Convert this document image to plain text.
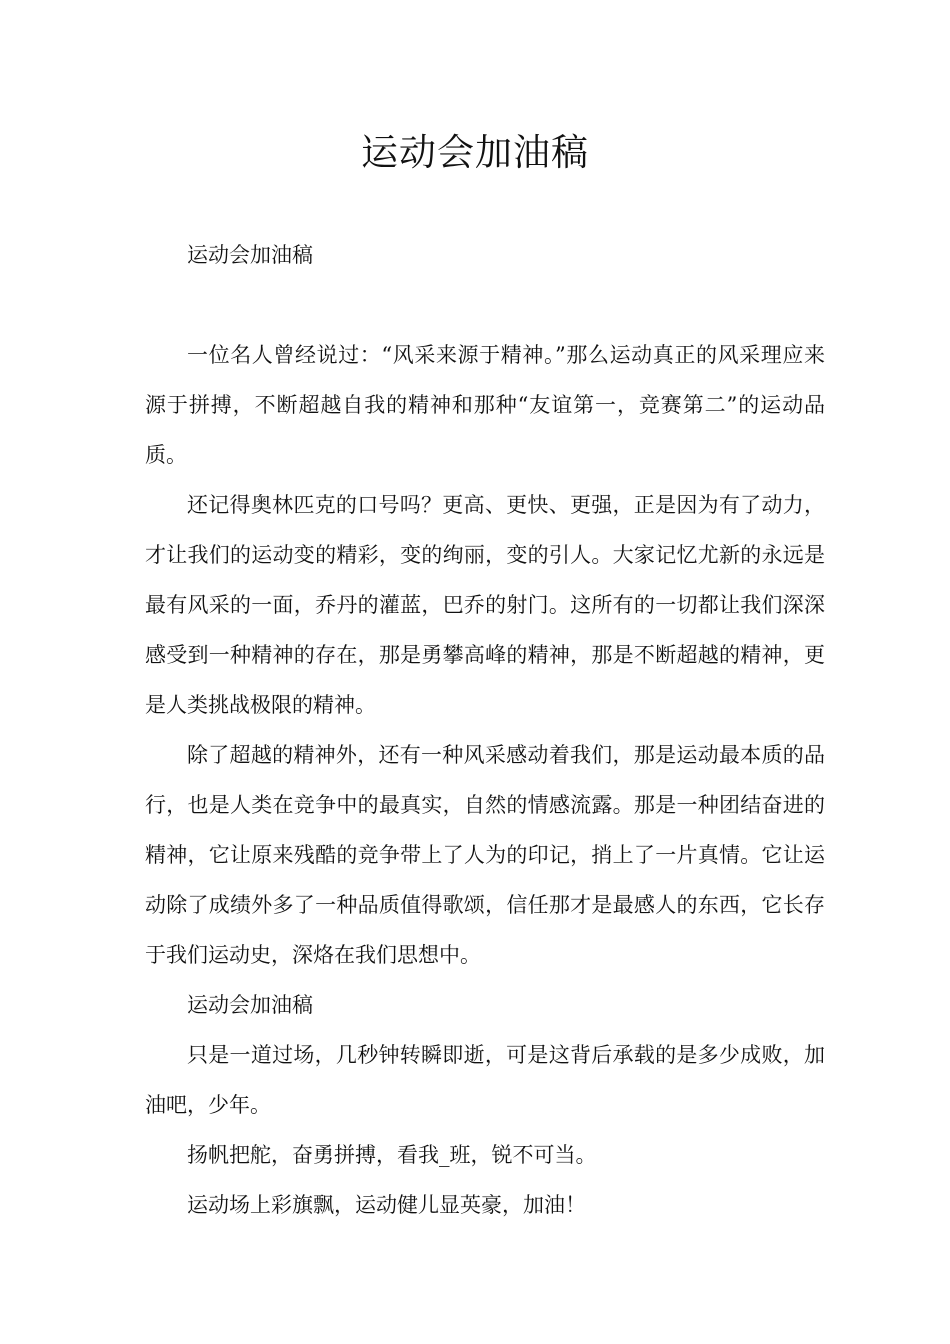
运动会加油稿

运动会加油稿

一位名人曾经说过：“风采来源于精神。”那么运动真正的风采理应来源于拼搏，不断超越自我的精神和那种“友谊第一，竞赛第二”的运动品质。

还记得奥林匹克的口号吗？更高、更快、更强，正是因为有了动力，才让我们的运动变的精彩，变的绚丽，变的引人。大家记忆尤新的永远是最有风采的一面，乔丹的灌蓝，巴乔的射门。这所有的一切都让我们深深感受到一种精神的存在，那是勇攀高峰的精神，那是不断超越的精神，更是人类挑战极限的精神。

除了超越的精神外，还有一种风采感动着我们，那是运动最本质的品行，也是人类在竞争中的最真实，自然的情感流露。那是一种团结奋进的精神，它让原来残酷的竞争带上了人为的印记，捎上了一片真情。它让运动除了成绩外多了一种品质值得歌颂，信任那才是最感人的东西，它长存于我们运动史，深烙在我们思想中。

运动会加油稿

只是一道过场，几秒钟转瞬即逝，可是这背后承载的是多少成败，加油吧，少年。

扬帆把舵，奋勇拼搏，看我_班，锐不可当。

运动场上彩旗飘，运动健儿显英豪，加油！
